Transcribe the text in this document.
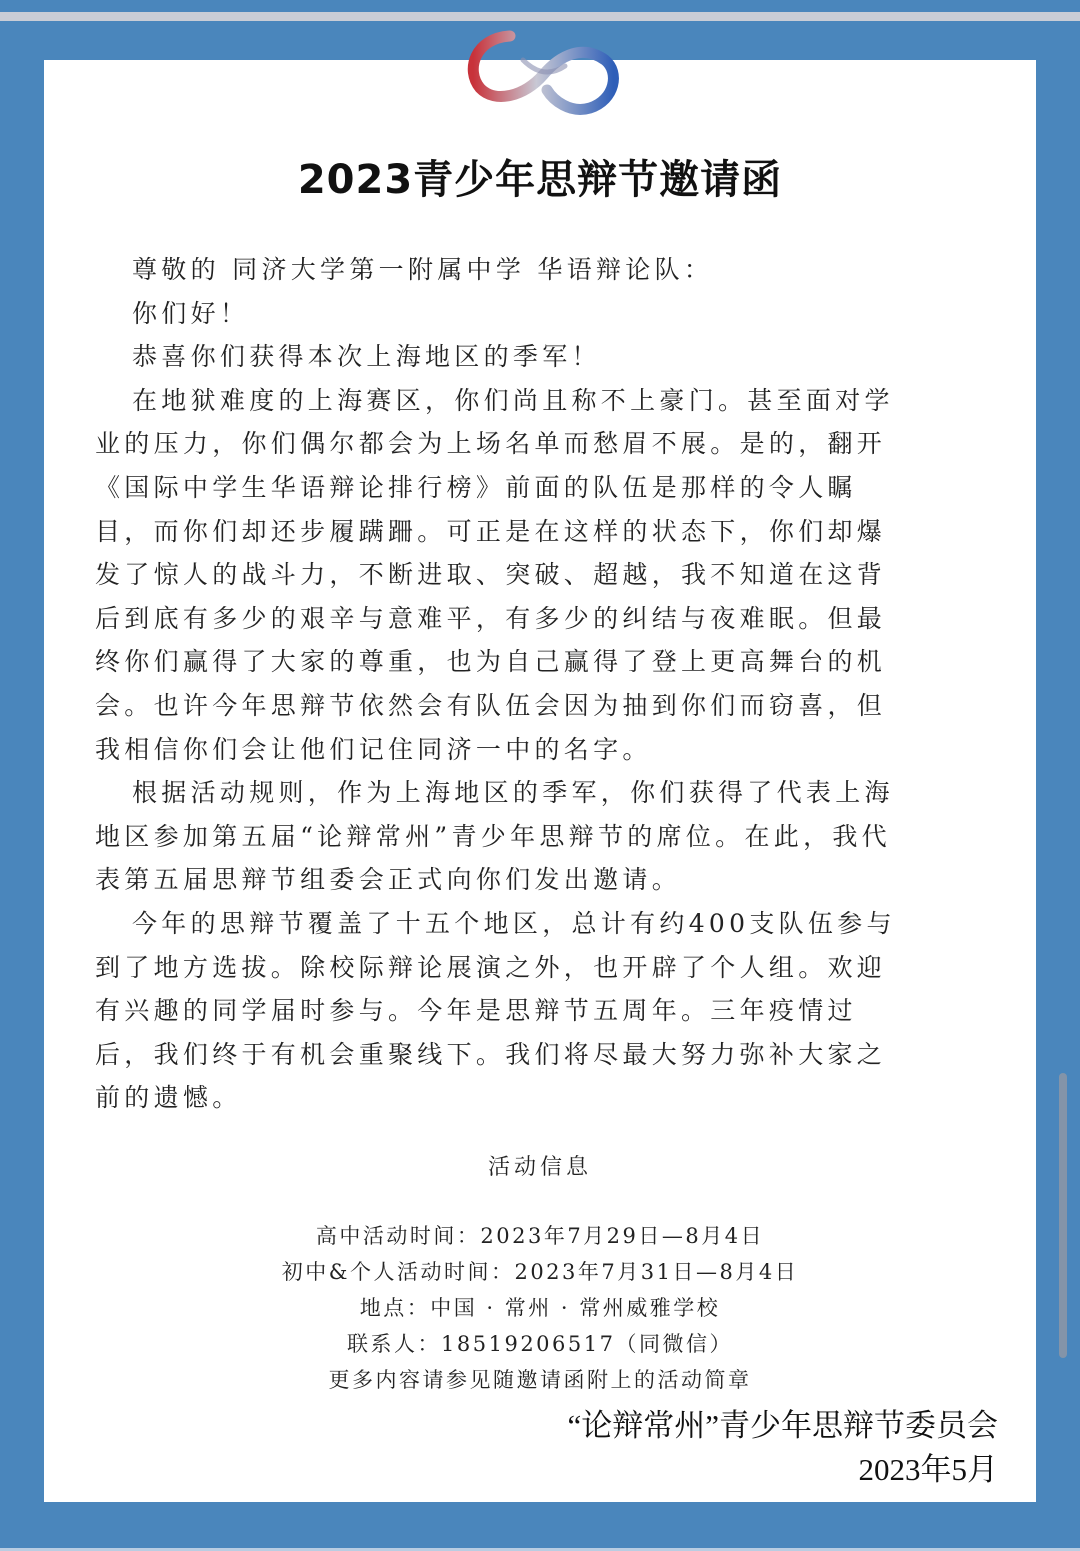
2023青少年思辩节邀请函

尊敬的 同济大学第一附属中学 华语辩论队：

你们好！

恭喜你们获得本次上海地区的季军！

在地狱难度的上海赛区，你们尚且称不上豪门。甚至面对学业的压力，你们偶尔都会为上场名单而愁眉不展。是的，翻开《国际中学生华语辩论排行榜》前面的队伍是那样的令人瞩目，而你们却还步履蹒跚。可正是在这样的状态下，你们却爆发了惊人的战斗力，不断进取、突破、超越，我不知道在这背后到底有多少的艰辛与意难平，有多少的纠结与夜难眠。但最终你们赢得了大家的尊重，也为自己赢得了登上更高舞台的机会。也许今年思辩节依然会有队伍会因为抽到你们而窃喜，但我相信你们会让他们记住同济一中的名字。

根据活动规则，作为上海地区的季军，你们获得了代表上海地区参加第五届“论辩常州”青少年思辩节的席位。在此，我代表第五届思辩节组委会正式向你们发出邀请。

今年的思辩节覆盖了十五个地区，总计有约400支队伍参与到了地方选拔。除校际辩论展演之外，也开辟了个人组。欢迎有兴趣的同学届时参与。今年是思辩节五周年。三年疫情过后，我们终于有机会重聚线下。我们将尽最大努力弥补大家之前的遗憾。

活动信息
高中活动时间：2023年7月29日—8月4日
初中&个人活动时间：2023年7月31日—8月4日
地点：中国 · 常州 · 常州威雅学校
联系人：18519206517（同微信）
更多内容请参见随邀请函附上的活动简章
“论辩常州”青少年思辩节委员会
2023年5月
